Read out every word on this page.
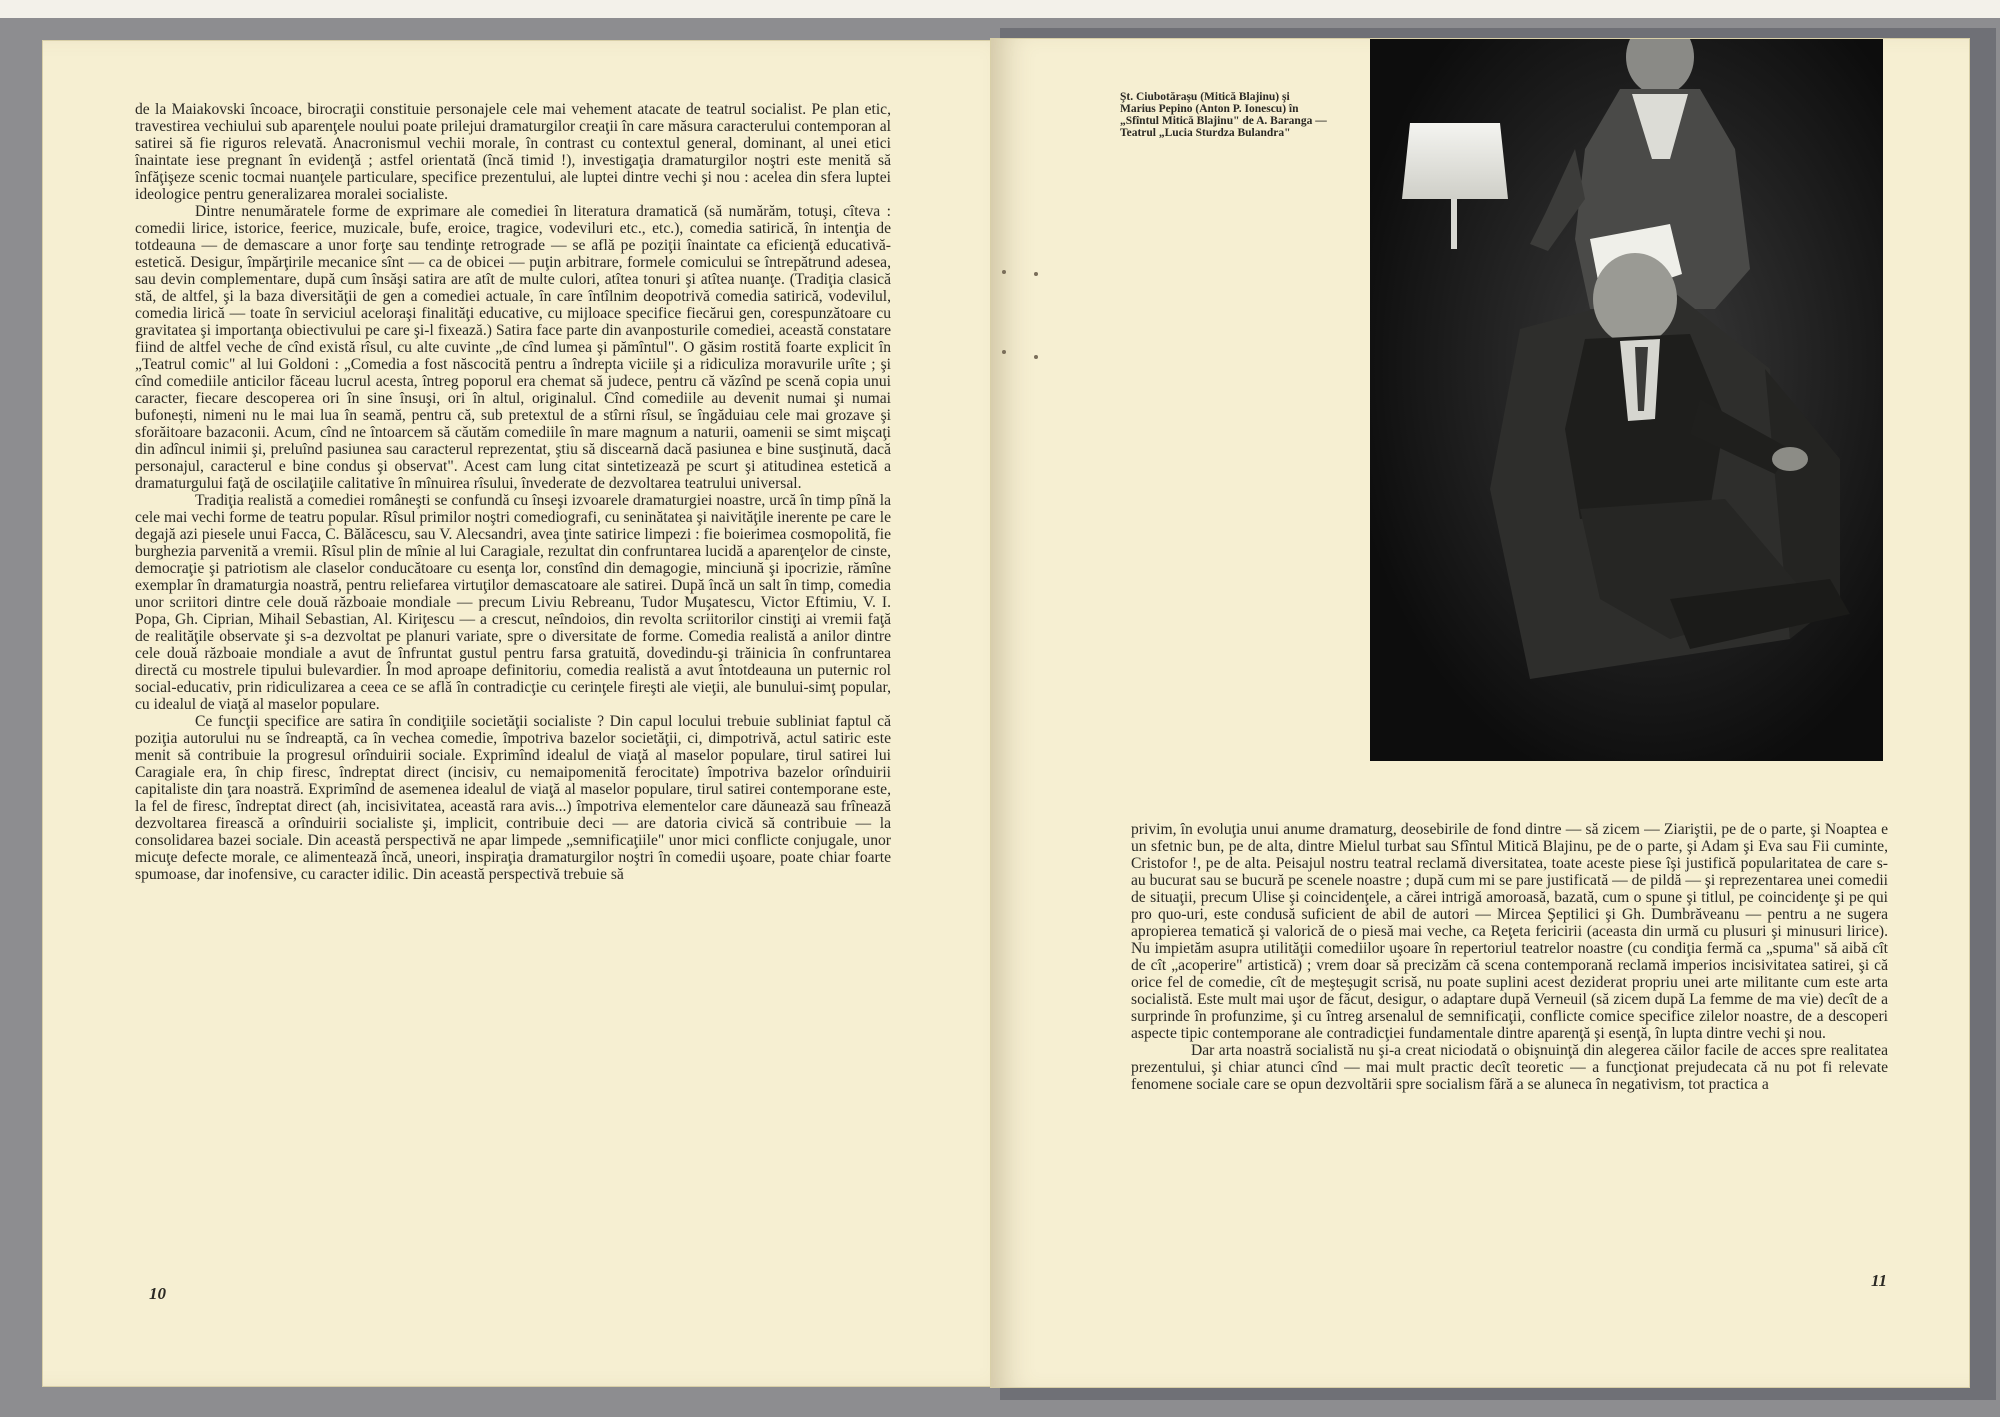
de la Maiakovski încoace, birocraţii constituie personajele cele mai vehement atacate de teatrul socialist. Pe plan etic, travestirea vechiului sub aparenţele noului poate prilejui dramaturgilor creaţii în care măsura caracterului contemporan al satirei să fie riguros relevată. Anacronismul vechii morale, în contrast cu contextul general, dominant, al unei etici înaintate iese pregnant în evidenţă ; astfel orientată (încă timid !), investigaţia dramaturgilor noştri este menită să înfăţişeze scenic tocmai nuanţele particulare, specifice prezentului, ale luptei dintre vechi şi nou : acelea din sfera luptei ideologice pentru generalizarea moralei socialiste.

Dintre nenumăratele forme de exprimare ale comediei în literatura dramatică (să numărăm, totuşi, cîteva : comedii lirice, istorice, feerice, muzicale, bufe, eroice, tragice, vodeviluri etc., etc.), comedia satirică, în intenţia de totdeauna — de demascare a unor forţe sau tendinţe retrograde — se află pe poziţii înaintate ca eficienţă educativă-estetică. Desigur, împărţirile mecanice sînt — ca de obicei — puţin arbitrare, formele comicului se întrepătrund adesea, sau devin complementare, după cum însăşi satira are atît de multe culori, atîtea tonuri şi atîtea nuanţe. (Tradiţia clasică stă, de altfel, şi la baza diversităţii de gen a comediei actuale, în care întîlnim deopotrivă comedia satirică, vodevilul, comedia lirică — toate în serviciul aceloraşi finalităţi educative, cu mijloace specifice fiecărui gen, corespunzătoare cu gravitatea şi importanţa obiectivului pe care şi-l fixează.) Satira face parte din avanposturile comediei, această constatare fiind de altfel veche de cînd există rîsul, cu alte cuvinte „de cînd lumea şi pămîntul". O găsim rostită foarte explicit în „Teatrul comic" al lui Goldoni : „Comedia a fost născocită pentru a îndrepta viciile şi a ridiculiza moravurile urîte ; şi cînd comediile anticilor făceau lucrul acesta, întreg poporul era chemat să judece, pentru că văzînd pe scenă copia unui caracter, fiecare descoperea ori în sine însuşi, ori în altul, originalul. Cînd comediile au devenit numai şi numai bufonești, nimeni nu le mai lua în seamă, pentru că, sub pretextul de a stîrni rîsul, se îngăduiau cele mai grozave şi sforăitoare bazaconii. Acum, cînd ne întoarcem să căutăm comediile în mare magnum a naturii, oamenii se simt mişcaţi din adîncul inimii şi, preluînd pasiunea sau caracterul reprezentat, ştiu să discearnă dacă pasiunea e bine susţinută, dacă personajul, caracterul e bine condus şi observat". Acest cam lung citat sintetizează pe scurt şi atitudinea estetică a dramaturgului faţă de oscilaţiile calitative în mînuirea rîsului, învederate de dezvoltarea teatrului universal.

Tradiţia realistă a comediei româneşti se confundă cu înseşi izvoarele dramaturgiei noastre, urcă în timp pînă la cele mai vechi forme de teatru popular. Rîsul primilor noştri comediografi, cu seninătatea şi naivităţile inerente pe care le degajă azi piesele unui Facca, C. Bălăcescu, sau V. Alecsandri, avea ţinte satirice limpezi : fie boierimea cosmopolită, fie burghezia parvenită a vremii. Rîsul plin de mînie al lui Caragiale, rezultat din confruntarea lucidă a aparenţelor de cinste, democraţie şi patriotism ale claselor conducătoare cu esenţa lor, constînd din demagogie, minciună şi ipocrizie, rămîne exemplar în dramaturgia noastră, pentru reliefarea virtuţilor demascatoare ale satirei. După încă un salt în timp, comedia unor scriitori dintre cele două războaie mondiale — precum Liviu Rebreanu, Tudor Muşatescu, Victor Eftimiu, V. I. Popa, Gh. Ciprian, Mihail Sebastian, Al. Kiriţescu — a crescut, neîndoios, din revolta scriitorilor cinstiţi ai vremii faţă de realităţile observate şi s-a dezvoltat pe planuri variate, spre o diversitate de forme. Comedia realistă a anilor dintre cele două războaie mondiale a avut de înfruntat gustul pentru farsa gratuită, dovedindu-şi trăinicia în confruntarea directă cu mostrele tipului bulevardier. În mod aproape definitoriu, comedia realistă a avut întotdeauna un puternic rol social-educativ, prin ridiculizarea a ceea ce se află în contradicţie cu cerinţele fireşti ale vieţii, ale bunului-simţ popular, cu idealul de viaţă al maselor populare.

Ce funcţii specifice are satira în condiţiile societăţii socialiste ? Din capul locului trebuie subliniat faptul că poziţia autorului nu se îndreaptă, ca în vechea comedie, împotriva bazelor societăţii, ci, dimpotrivă, actul satiric este menit să contribuie la progresul orînduirii sociale. Exprimînd idealul de viaţă al maselor populare, tirul satirei lui Caragiale era, în chip firesc, îndreptat direct (incisiv, cu nemaipomenită ferocitate) împotriva bazelor orînduirii capitaliste din ţara noastră. Exprimînd de asemenea idealul de viaţă al maselor populare, tirul satirei contemporane este, la fel de firesc, îndreptat direct (ah, incisivitatea, această rara avis...) împotriva elementelor care dăunează sau frînează dezvoltarea firească a orînduirii socialiste şi, implicit, contribuie deci — are datoria civică să contribuie — la consolidarea bazei sociale. Din această perspectivă ne apar limpede „semnificaţiile" unor mici conflicte conjugale, unor micuţe defecte morale, ce alimentează încă, uneori, inspiraţia dramaturgilor noştri în comedii uşoare, poate chiar foarte spumoase, dar inofensive, cu caracter idilic. Din această perspectivă trebuie să

10
Şt. Ciubotăraşu (Mitică Blajinu) şi Marius Pepino (Anton P. Ionescu) în „Sfîntul Mitică Blajinu" de A. Baranga — Teatrul „Lucia Sturdza Bulandra"

privim, în evoluţia unui anume dramaturg, deosebirile de fond dintre — să zicem — Ziariştii, pe de o parte, şi Noaptea e un sfetnic bun, pe de alta, dintre Mielul turbat sau Sfîntul Mitică Blajinu, pe de o parte, şi Adam şi Eva sau Fii cuminte, Cristofor !, pe de alta. Peisajul nostru teatral reclamă diversitatea, toate aceste piese îşi justifică popularitatea de care s-au bucurat sau se bucură pe scenele noastre ; după cum mi se pare justificată — de pildă — şi reprezentarea unei comedii de situaţii, precum Ulise şi coincidenţele, a cărei intrigă amoroasă, bazată, cum o spune şi titlul, pe coincidenţe şi pe qui pro quo-uri, este condusă suficient de abil de autori — Mircea Şeptilici şi Gh. Dumbrăveanu — pentru a ne sugera apropierea tematică şi valorică de o piesă mai veche, ca Reţeta fericirii (aceasta din urmă cu plusuri şi minusuri lirice). Nu impietăm asupra utilităţii comediilor uşoare în repertoriul teatrelor noastre (cu condiţia fermă ca „spuma" să aibă cît de cît „acoperire" artistică) ; vrem doar să precizăm că scena contemporană reclamă imperios incisivitatea satirei, şi că orice fel de comedie, cît de meşteşugit scrisă, nu poate suplini acest deziderat propriu unei arte militante cum este arta socialistă. Este mult mai uşor de făcut, desigur, o adaptare după Verneuil (să zicem după La femme de ma vie) decît de a surprinde în profunzime, şi cu întreg arsenalul de semnificaţii, conflicte comice specifice zilelor noastre, de a descoperi aspecte tipic contemporane ale contradicţiei fundamentale dintre aparenţă şi esenţă, în lupta dintre vechi şi nou.

Dar arta noastră socialistă nu şi-a creat niciodată o obişnuinţă din alegerea căilor facile de acces spre realitatea prezentului, şi chiar atunci cînd — mai mult practic decît teoretic — a funcţionat prejudecata că nu pot fi relevate fenomene sociale care se opun dezvoltării spre socialism fără a se aluneca în negativism, tot practica a

11
